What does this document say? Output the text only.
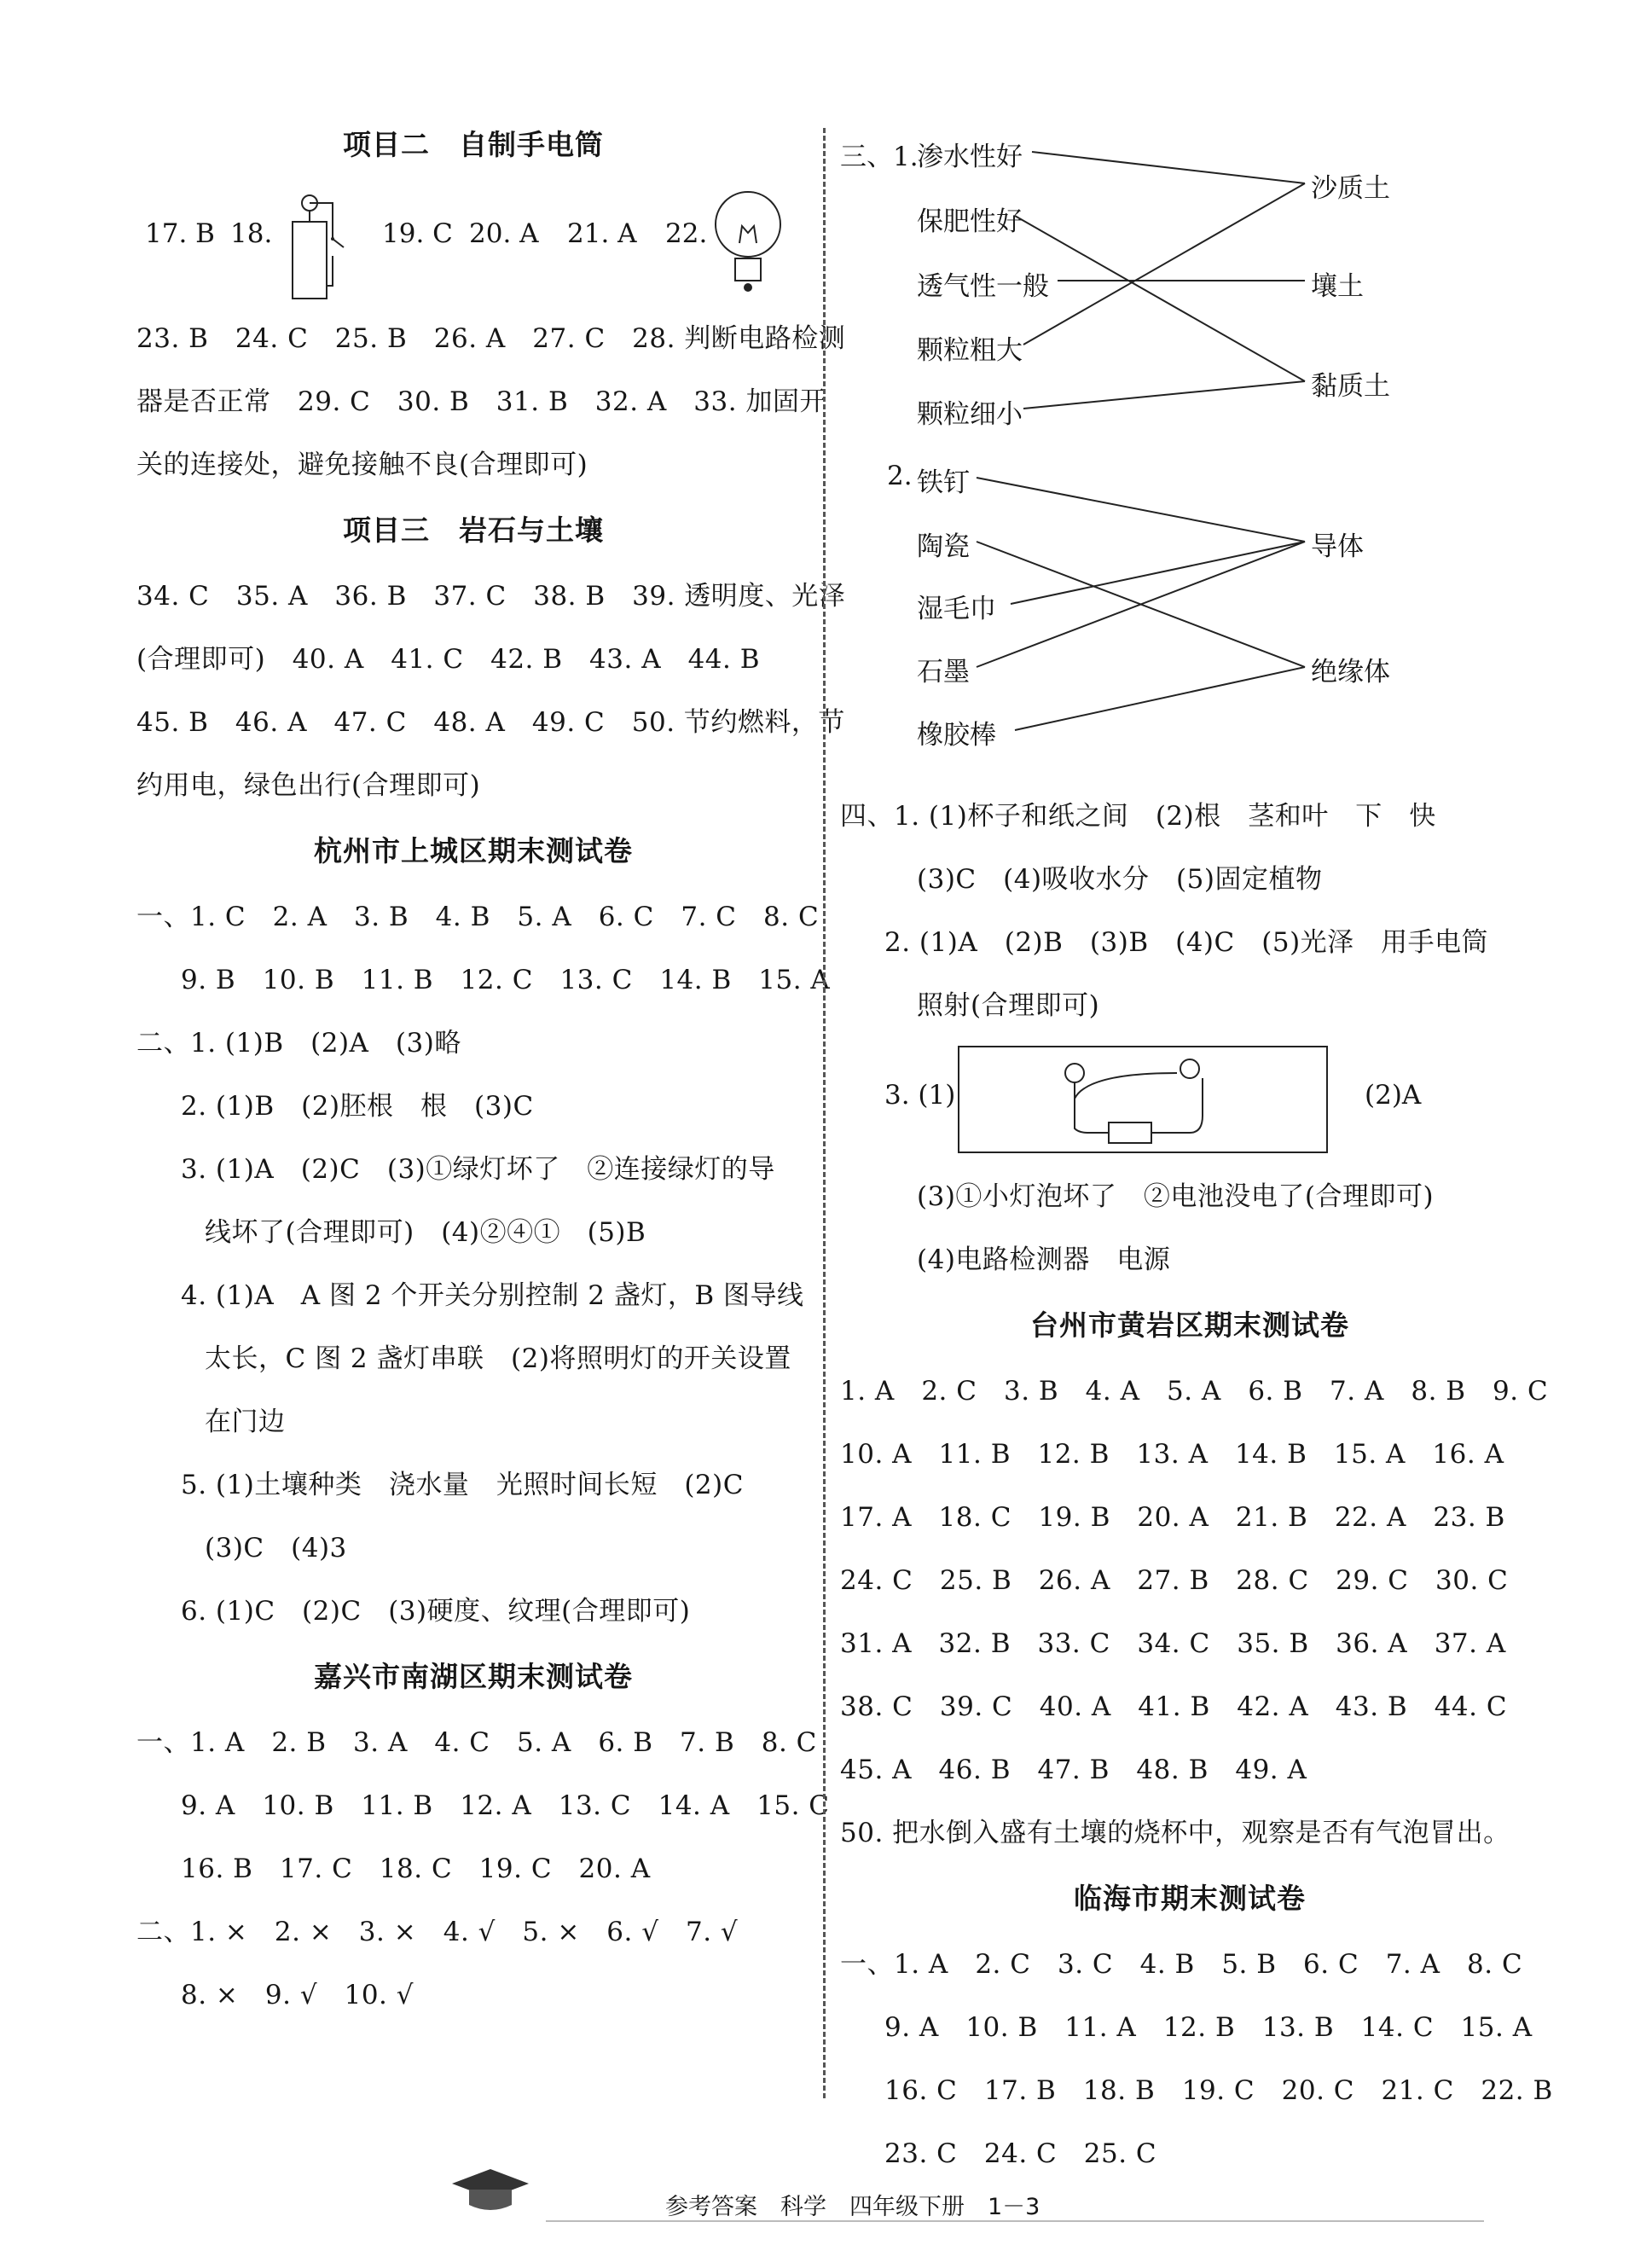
项目二　自制手电筒
17. B 18.	19. C 20. A 21. A 22.
23. B　24. C　25. B　26. A　27. C　28. 判断电路检测
器是否正常　29. C　30. B　31. B　32. A　33. 加固开
关的连接处，避免接触不良(合理即可)
项目三　岩石与土壤
34. C　35. A　36. B　37. C　38. B　39. 透明度、光泽
(合理即可)　40. A　41. C　42. B　43. A　44. B
45. B　46. A　47. C　48. A　49. C　50. 节约燃料，节
约用电，绿色出行(合理即可)
杭州市上城区期末测试卷
一、1. C　2. A　3. B　4. B　5. A　6. C　7. C　8. C
9. B　10. B　11. B　12. C　13. C　14. B　15. A
二、1. (1)B　(2)A　(3)略
2. (1)B　(2)胚根　根　(3)C
3. (1)A　(2)C　(3)①绿灯坏了　②连接绿灯的导
线坏了(合理即可)　(4)②④①　(5)B
4. (1)A　A 图 2 个开关分别控制 2 盏灯，B 图导线
太长，C 图 2 盏灯串联　(2)将照明灯的开关设置
在门边
5. (1)土壤种类　浇水量　光照时间长短　(2)C
(3)C　(4)3
6. (1)C　(2)C　(3)硬度、纹理(合理即可)
嘉兴市南湖区期末测试卷
一、1. A　2. B　3. A　4. C　5. A　6. B　7. B　8. C
9. A　10. B　11. B　12. A　13. C　14. A　15. C
16. B　17. C　18. C　19. C　20. A
二、1. ×　2. ×　3. ×　4. √　5. ×　6. √　7. √
8. ×　9. √　10. √
三、1.
渗水性好
保肥性好
透气性一般
颗粒粗大
颗粒细小
沙质土
壤土
黏质土
2. 铁钉
陶瓷
湿毛巾
石墨
橡胶棒
导体
绝缘体
四、1. (1)杯子和纸之间　(2)根　茎和叶　下　快
(3)C　(4)吸收水分　(5)固定植物
2. (1)A　(2)B　(3)B　(4)C　(5)光泽　用手电筒
照射(合理即可)
3. (1)	(2)A
(3)①小灯泡坏了　②电池没电了(合理即可)
(4)电路检测器　电源
台州市黄岩区期末测试卷
1. A　2. C　3. B　4. A　5. A　6. B　7. A　8. B　9. C
10. A　11. B　12. B　13. A　14. B　15. A　16. A
17. A　18. C　19. B　20. A　21. B　22. A　23. B
24. C　25. B　26. A　27. B　28. C　29. C　30. C
31. A　32. B　33. C　34. C　35. B　36. A　37. A
38. C　39. C　40. A　41. B　42. A　43. B　44. C
45. A　46. B　47. B　48. B　49. A
50. 把水倒入盛有土壤的烧杯中，观察是否有气泡冒出。
临海市期末测试卷
一、1. A　2. C　3. C　4. B　5. B　6. C　7. A　8. C
9. A　10. B　11. A　12. B　13. B　14. C　15. A
16. C　17. B　18. B　19. C　20. C　21. C　22. B
23. C　24. C　25. C
参考答案　科学　四年级下册　1－3
